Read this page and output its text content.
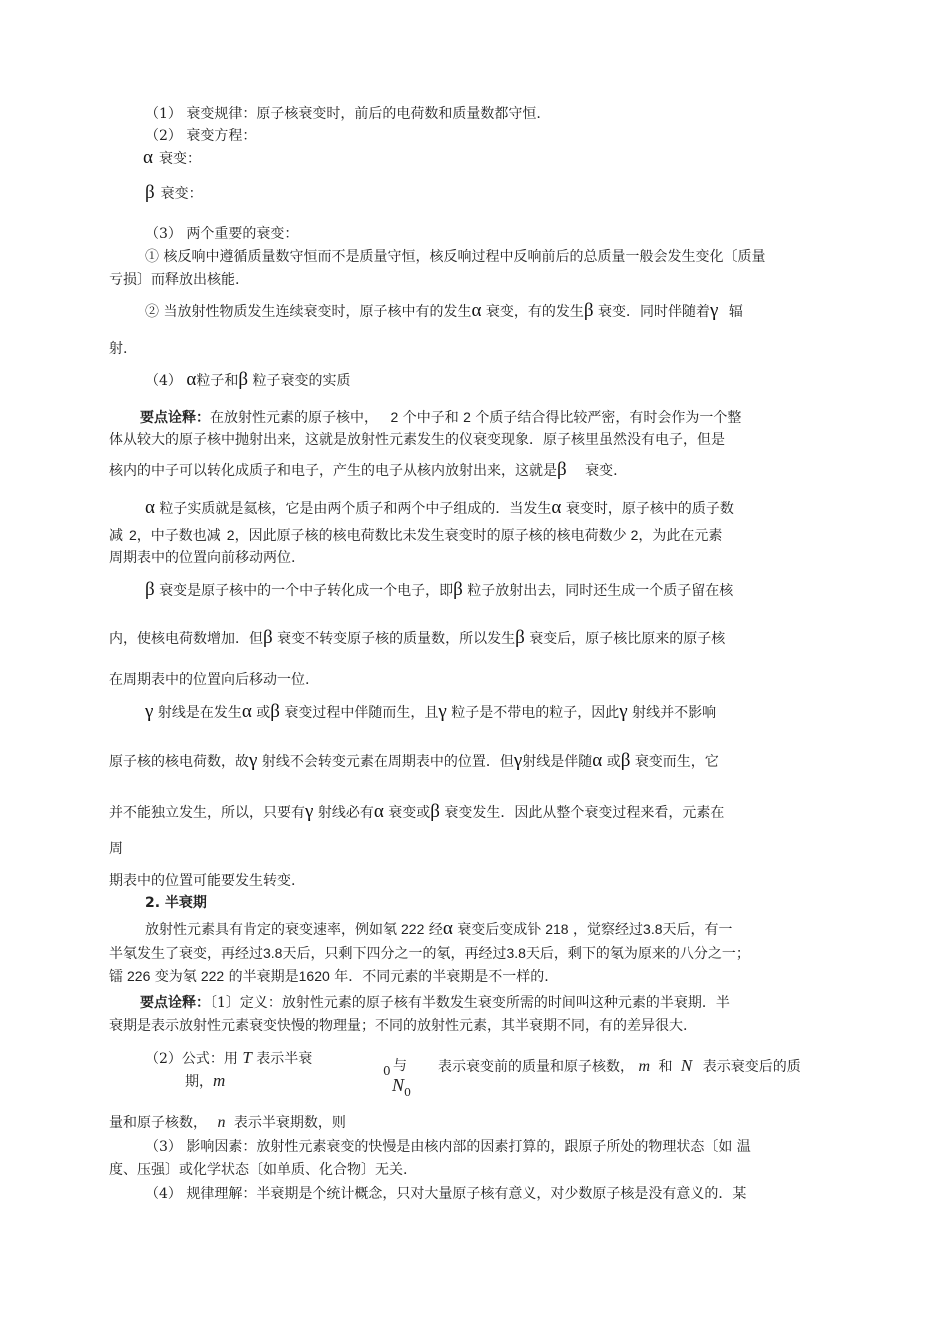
（1） 衰变规律：原子核衰变时，前后的电荷数和质量数都守恒.
（2） 衰变方程：
α 衰变：
β 衰变：
（3） 两个重要的衰变：
① 核反响中遵循质量数守恒而不是质量守恒，核反响过程中反响前后的总质量一般会发生变化〔质量
亏损〕而释放出核能.
② 当放射性物质发生连续衰变时，原子核中有的发生α 衰变，有的发生β 衰变．同时伴随着γ 辐
射.
（4） α粒子和β 粒子衰变的实质
要点诠释：在放射性元素的原子核中， 2 个中子和 2 个质子结合得比较严密，有时会作为一个整
体从较大的原子核中抛射出来，这就是放射性元素发生的仪衰变现象．原子核里虽然没有电子，但是
核内的中子可以转化成质子和电子，产生的电子从核内放射出来，这就是β 衰变.
α 粒子实质就是氦核，它是由两个质子和两个中子组成的．当发生α 衰变时，原子核中的质子数
减 2，中子数也减 2，因此原子核的核电荷数比未发生衰变时的原子核的核电荷数少 2，为此在元素
周期表中的位置向前移动两位.
β 衰变是原子核中的一个中子转化成一个电子，即β 粒子放射出去，同时还生成一个质子留在核
内，使核电荷数增加．但β 衰变不转变原子核的质量数，所以发生β 衰变后，原子核比原来的原子核
在周期表中的位置向后移动一位.
γ 射线是在发生α 或β 衰变过程中伴随而生，且γ 粒子是不带电的粒子，因此γ 射线并不影响
原子核的核电荷数，故γ 射线不会转变元素在周期表中的位置．但γ射线是伴随α 或β 衰变而生，它
并不能独立发生，所以，只要有γ 射线必有α 衰变或β 衰变发生．因此从整个衰变过程来看，元素在
周
期表中的位置可能要发生转变.
2. 半衰期
放射性元素具有肯定的衰变速率，例如氡 222 经α 衰变后变成钋 218 ，觉察经过3.8天后，有一
半氡发生了衰变，再经过3.8天后，只剩下四分之一的氡，再经过3.8天后，剩下的氡为原来的八分之一；
镭 226 变为氡 222 的半衰期是1620 年．不同元素的半衰期是不一样的.
要点诠释：〔1〕定义：放射性元素的原子核有半数发生衰变所需的时间叫这种元素的半衰期．半
衰期是表示放射性元素衰变快慢的物理量；不同的放射性元素，其半衰期不同，有的差异很大.
（2）公式：用 T 表示半衰
期，m	0 与
$N_0$
表示衰变前的质量和原子核数， m 和 N 表示衰变后的质
量和原子核数， n 表示半衰期数，则
（3） 影响因素：放射性元素衰变的快慢是由核内部的因素打算的，跟原子所处的物理状态〔如 温
度、压强〕或化学状态〔如单质、化合物〕无关.
（4） 规律理解：半衰期是个统计概念，只对大量原子核有意义，对少数原子核是没有意义的．某
